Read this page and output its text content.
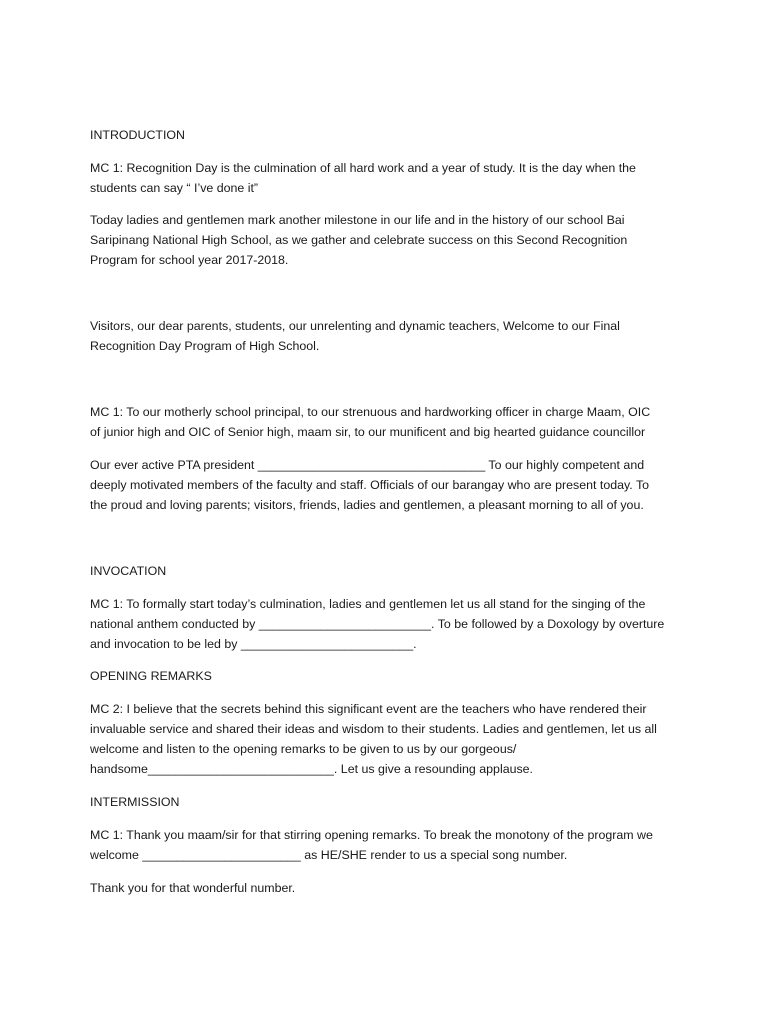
INTRODUCTION

MC 1: Recognition Day is the culmination of all hard work and a year of study. It is the day when the

students can say “ I’ve done it”

Today ladies and gentlemen mark another milestone in our life and in the history of our school Bai

Saripinang National High School, as we gather and celebrate success on this Second Recognition

Program for school year 2017-2018.

Visitors, our dear parents, students, our unrelenting and dynamic teachers, Welcome to our Final

Recognition Day Program of High School.

MC 1: To our motherly school principal, to our strenuous and hardworking officer in charge Maam, OIC

of junior high and OIC of Senior high, maam sir, to our munificent and big hearted guidance councillor

Our ever active PTA president _________________________________ To our highly competent and

deeply motivated members of the faculty and staff. Officials of our barangay who are present today. To

the proud and loving parents; visitors, friends, ladies and gentlemen, a pleasant morning to all of you.

INVOCATION

MC 1: To formally start today’s culmination, ladies and gentlemen let us all stand for the singing of the

national anthem conducted by _________________________. To be followed by a Doxology by overture

and invocation to be led by _________________________.

OPENING REMARKS

MC 2: I believe that the secrets behind this significant event are the teachers who have rendered their

invaluable service and shared their ideas and wisdom to their students. Ladies and gentlemen, let us all

welcome and listen to the opening remarks to be given to us by our gorgeous/

handsome___________________________. Let us give a resounding applause.

INTERMISSION

MC 1: Thank you maam/sir for that stirring opening remarks. To break the monotony of the program we

welcome _______________________ as HE/SHE render to us a special song number.

Thank you for that wonderful number.
